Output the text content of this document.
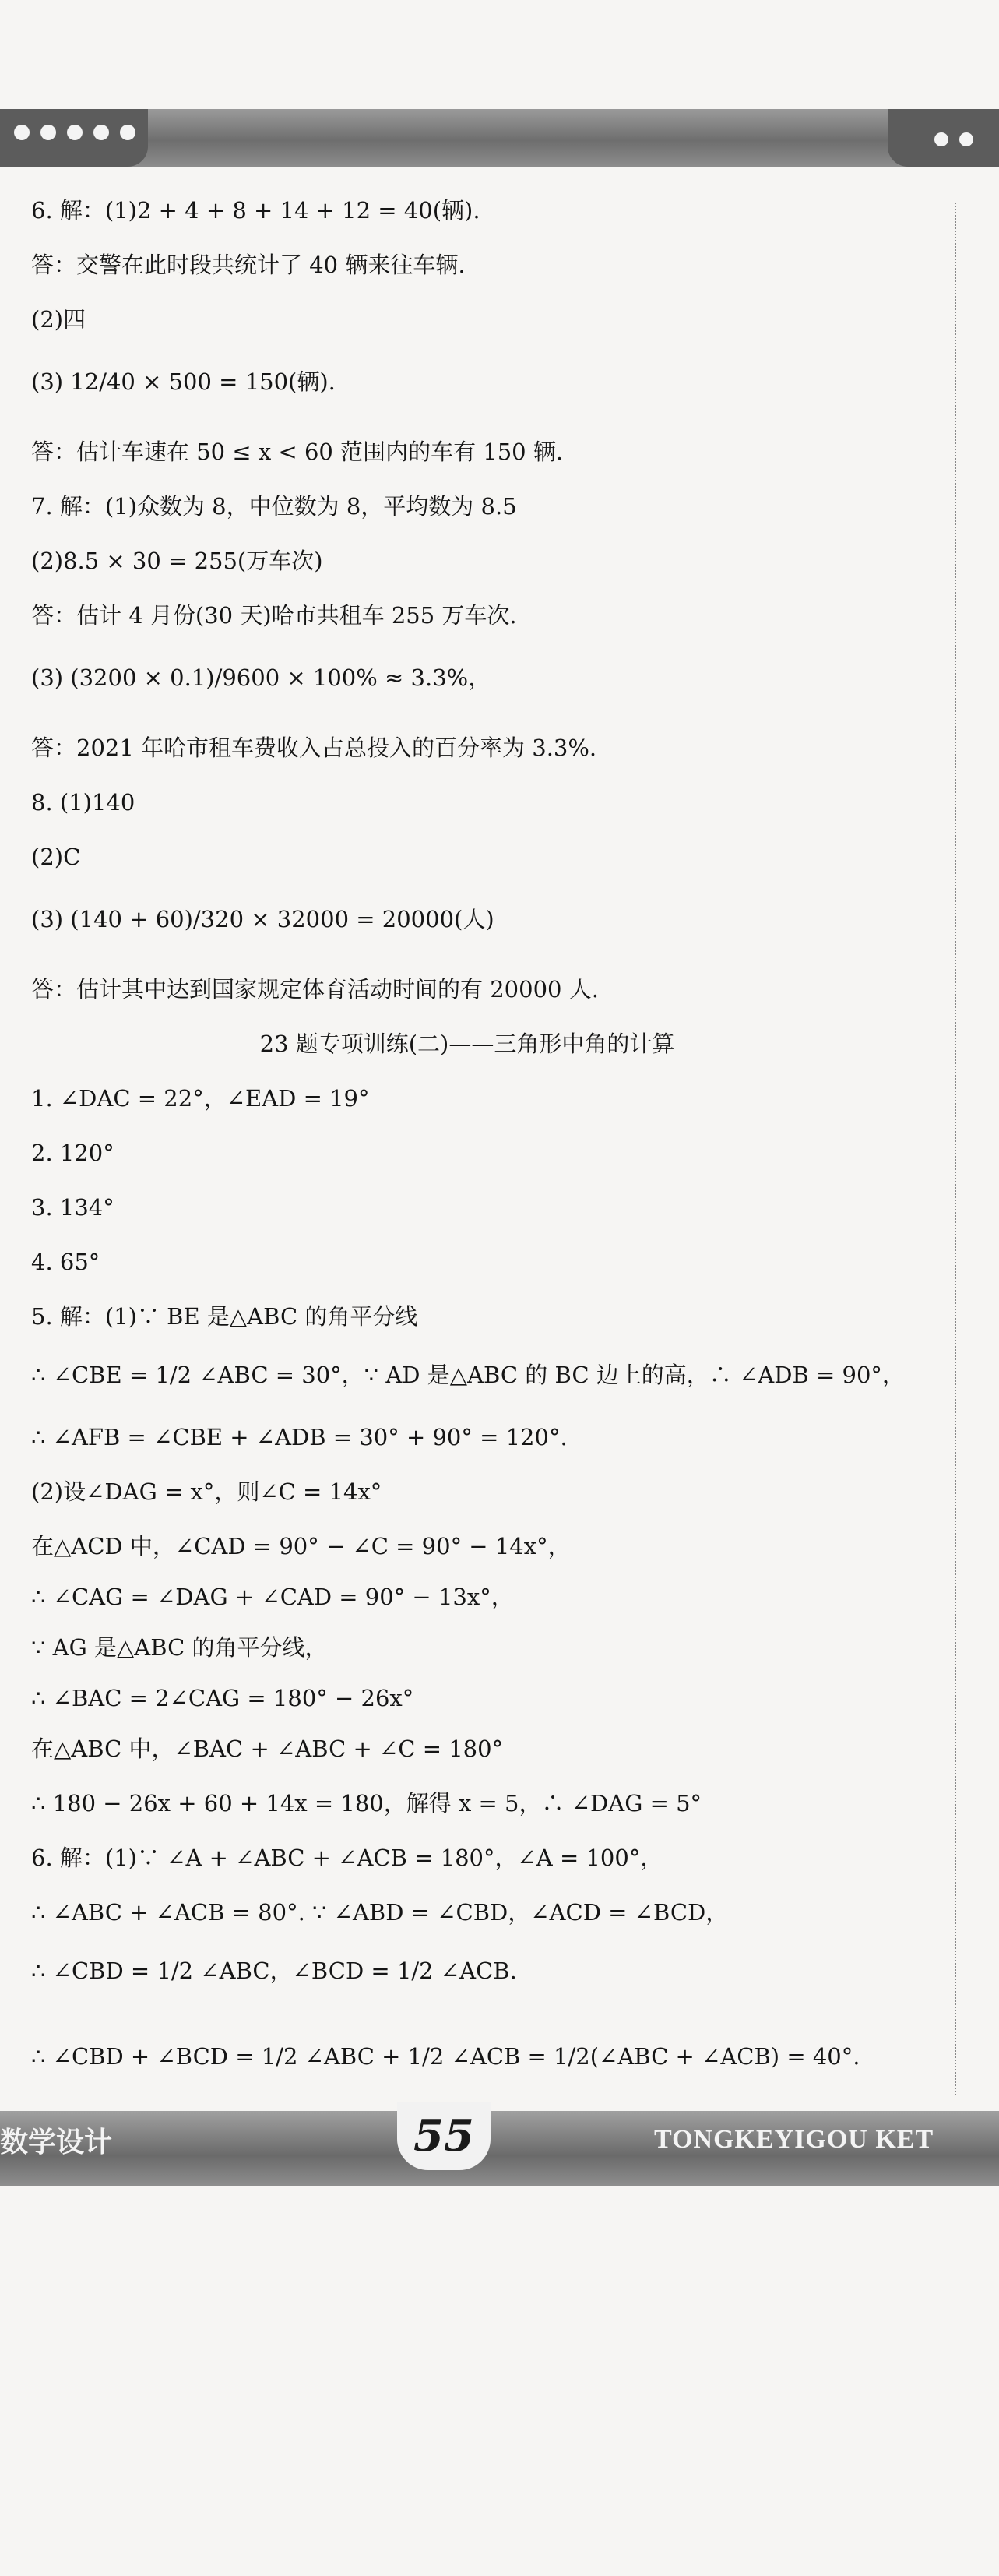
6. 解：(1)2 + 4 + 8 + 14 + 12 = 40(辆).
答：交警在此时段共统计了 40 辆来往车辆.
(2)四
(3) 12/40 × 500 = 150(辆).
答：估计车速在 50 ≤ x < 60 范围内的车有 150 辆.
7. 解：(1)众数为 8，中位数为 8，平均数为 8.5
(2)8.5 × 30 = 255(万车次)
答：估计 4 月份(30 天)哈市共租车 255 万车次.
(3) (3200 × 0.1)/9600 × 100% ≈ 3.3%，
答：2021 年哈市租车费收入占总投入的百分率为 3.3%.
8. (1)140
(2)C
(3) (140 + 60)/320 × 32000 = 20000(人)
答：估计其中达到国家规定体育活动时间的有 20000 人.
23 题专项训练(二)——三角形中角的计算
1. ∠DAC = 22°，∠EAD = 19°
2. 120°
3. 134°
4. 65°
5. 解：(1)∵ BE 是△ABC 的角平分线
∴ ∠CBE = 1/2 ∠ABC = 30°，∵ AD 是△ABC 的 BC 边上的高，∴ ∠ADB = 90°，
∴ ∠AFB = ∠CBE + ∠ADB = 30° + 90° = 120°.
(2)设∠DAG = x°，则∠C = 14x°
在△ACD 中，∠CAD = 90° − ∠C = 90° − 14x°，
∴ ∠CAG = ∠DAG + ∠CAD = 90° − 13x°，
∵ AG 是△ABC 的角平分线，
∴ ∠BAC = 2∠CAG = 180° − 26x°
在△ABC 中，∠BAC + ∠ABC + ∠C = 180°
∴ 180 − 26x + 60 + 14x = 180，解得 x = 5，∴ ∠DAG = 5°
6. 解：(1)∵ ∠A + ∠ABC + ∠ACB = 180°，∠A = 100°，
∴ ∠ABC + ∠ACB = 80°. ∵ ∠ABD = ∠CBD，∠ACD = ∠BCD，
∴ ∠CBD = 1/2 ∠ABC，∠BCD = 1/2 ∠ACB.
∴ ∠CBD + ∠BCD = 1/2 ∠ABC + 1/2 ∠ACB = 1/2(∠ABC + ∠ACB) = 40°.
数学设计	55	TONGKEYIGOU KET
